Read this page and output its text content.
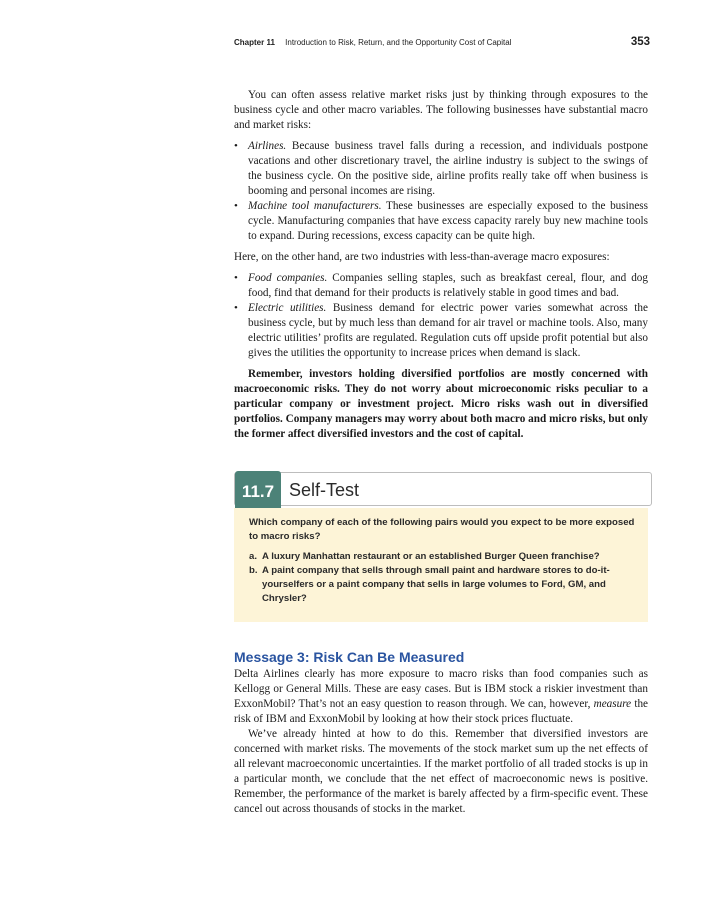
Chapter 11 Introduction to Risk, Return, and the Opportunity Cost of Capital	353

You can often assess relative market risks just by thinking through exposures to the business cycle and other macro variables. The following businesses have substantial macro and market risks:

• Airlines. Because business travel falls during a recession, and individuals postpone vacations and other discretionary travel, the airline industry is subject to the swings of the business cycle. On the positive side, airline profits really take off when business is booming and personal incomes are rising.
• Machine tool manufacturers. These businesses are especially exposed to the business cycle. Manufacturing companies that have excess capacity rarely buy new machine tools to expand. During recessions, excess capacity can be quite high.

Here, on the other hand, are two industries with less-than-average macro exposures:

• Food companies. Companies selling staples, such as breakfast cereal, flour, and dog food, find that demand for their products is relatively stable in good times and bad.
• Electric utilities. Business demand for electric power varies somewhat across the business cycle, but by much less than demand for air travel or machine tools. Also, many electric utilities’ profits are regulated. Regulation cuts off upside profit potential but also gives the utilities the opportunity to increase prices when demand is slack.

Remember, investors holding diversified portfolios are mostly concerned with macroeconomic risks. They do not worry about microeconomic risks peculiar to a particular company or investment project. Micro risks wash out in diversified portfolios. Company managers may worry about both macro and micro risks, but only the former affect diversified investors and the cost of capital.

11.7 Self-Test
Which company of each of the following pairs would you expect to be more exposed to macro risks?
a. A luxury Manhattan restaurant or an established Burger Queen franchise?
b. A paint company that sells through small paint and hardware stores to do-it-yourselfers or a paint company that sells in large volumes to Ford, GM, and Chrysler?
Message 3: Risk Can Be Measured

Delta Airlines clearly has more exposure to macro risks than food companies such as Kellogg or General Mills. These are easy cases. But is IBM stock a riskier investment than ExxonMobil? That’s not an easy question to reason through. We can, however, measure the risk of IBM and ExxonMobil by looking at how their stock prices fluctuate.

We’ve already hinted at how to do this. Remember that diversified investors are concerned with market risks. The movements of the stock market sum up the net effects of all relevant macroeconomic uncertainties. If the market portfolio of all traded stocks is up in a particular month, we conclude that the net effect of macroeconomic news is positive. Remember, the performance of the market is barely affected by a firm-specific event. These cancel out across thousands of stocks in the market.
